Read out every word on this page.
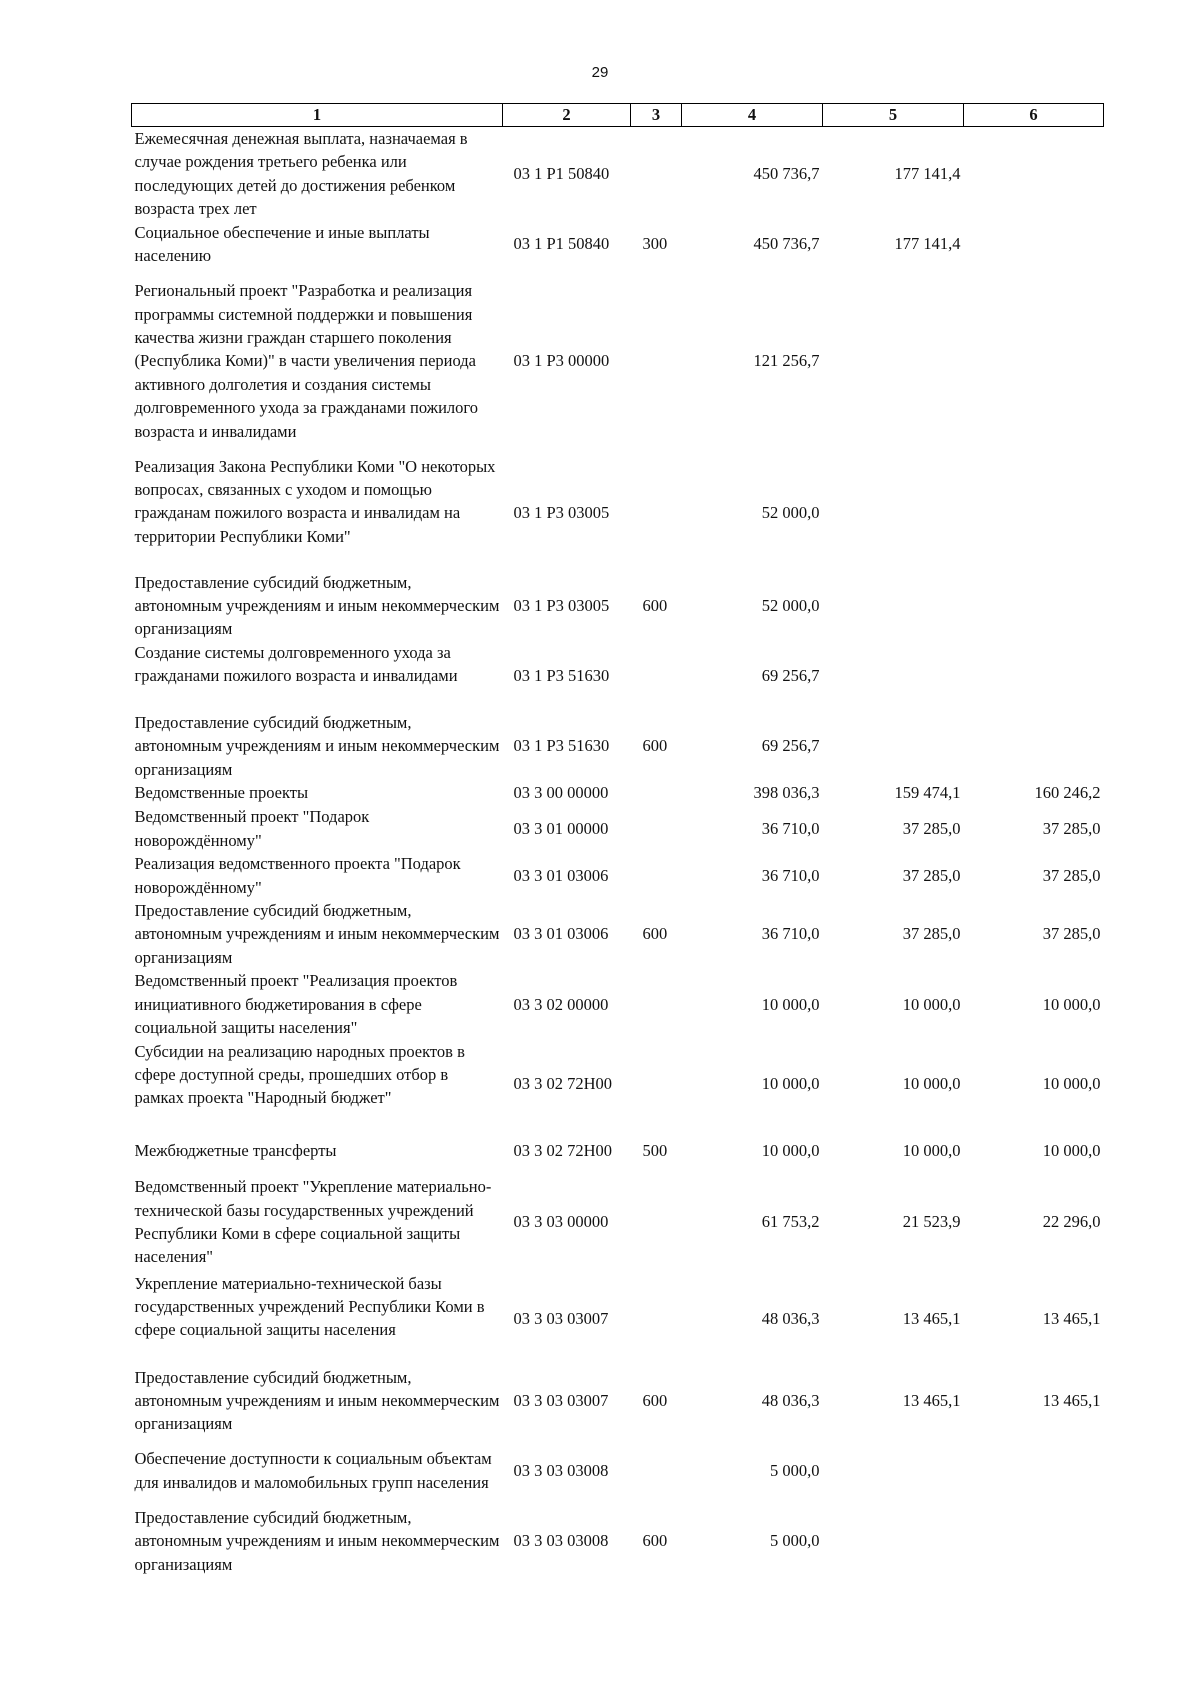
29
1	2	3	4	5	6
Ежемесячная денежная выплата, назначаемая в случае рождения третьего ребенка или последующих детей до достижения ребенком возраста трех лет	03 1 Р1 50840		450 736,7	177 141,4	
Социальное обеспечение и иные выплаты населению	03 1 Р1 50840	300	450 736,7	177 141,4	
Региональный проект "Разработка и реализация программы системной поддержки и повышения качества жизни граждан старшего поколения (Республика Коми)" в части увеличения периода активного долголетия и создания системы долговременного ухода за гражданами пожилого возраста и инвалидами	03 1 Р3 00000		121 256,7		
Реализация Закона Республики Коми "О некоторых вопросах, связанных с уходом и помощью гражданам пожилого возраста и инвалидам на территории Республики Коми"	03 1 Р3 03005		52 000,0		
Предоставление субсидий бюджетным, автономным учреждениям и иным некоммерческим организациям	03 1 Р3 03005	600	52 000,0		
Создание системы долговременного ухода за гражданами пожилого возраста и инвалидами	03 1 Р3 51630		69 256,7		
Предоставление субсидий бюджетным, автономным учреждениям и иным некоммерческим организациям	03 1 Р3 51630	600	69 256,7		
Ведомственные проекты	03 3 00 00000		398 036,3	159 474,1	160 246,2
Ведомственный проект "Подарок новорождённому"	03 3 01 00000		36 710,0	37 285,0	37 285,0
Реализация ведомственного проекта "Подарок новорождённому"	03 3 01 03006		36 710,0	37 285,0	37 285,0
Предоставление субсидий бюджетным, автономным учреждениям и иным некоммерческим организациям	03 3 01 03006	600	36 710,0	37 285,0	37 285,0
Ведомственный проект "Реализация проектов инициативного бюджетирования в сфере социальной защиты населения"	03 3 02 00000		10 000,0	10 000,0	10 000,0
Субсидии на реализацию народных проектов в сфере доступной среды, прошедших отбор в рамках проекта "Народный бюджет"	03 3 02 72Н00		10 000,0	10 000,0	10 000,0
Межбюджетные трансферты	03 3 02 72Н00	500	10 000,0	10 000,0	10 000,0
Ведомственный проект "Укрепление материально-технической базы государственных учреждений Республики Коми в сфере социальной защиты населения"	03 3 03 00000		61 753,2	21 523,9	22 296,0
Укрепление материально-технической базы государственных учреждений Республики Коми в сфере социальной защиты населения	03 3 03 03007		48 036,3	13 465,1	13 465,1
Предоставление субсидий бюджетным, автономным учреждениям и иным некоммерческим организациям	03 3 03 03007	600	48 036,3	13 465,1	13 465,1
Обеспечение доступности к социальным объектам для инвалидов и маломобильных групп населения	03 3 03 03008		5 000,0		
Предоставление субсидий бюджетным, автономным учреждениям и иным некоммерческим организациям	03 3 03 03008	600	5 000,0		
